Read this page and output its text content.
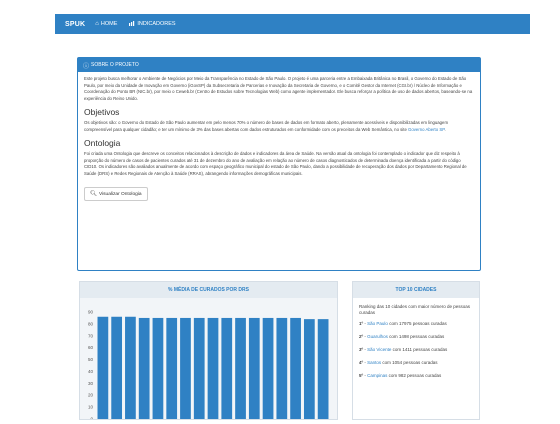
SPUK ⌂ HOME	INDICADORES
ⓘ SOBRE O PROJETO

Este projeto busca melhorar o Ambiente de Negócios por Meio da Transparência no Estado de São Paulo. O projeto é uma parceria entre a Embaixada Britânica no Brasil, o Governo do Estado de São Paulo, por meio da Unidade de Inovação em Governo (iGovSP) da Subsecretaria de Parcerias e Inovação da Secretaria de Governo, e o Comitê Gestor da Internet (CGI.br) / Núcleo de Informação e Coordenação do Ponto BR (NIC.br), por meio o Ceweb.br (Centro de Estudos sobre Tecnologias Web) como agente implementador. Ele busca reforçar a política de uso de dados abertos, baseando-se na experiência do Reino Unido.

Objetivos

Os objetivos são: o Governo do Estado de São Paulo aumentar em pelo menos 70% o número de bases de dados em formato aberto, plenamente acessíveis e disponibilizadas em linguagem compreensível para qualquer cidadão; e ter um mínimo de 3% das bases abertas com dados estruturados em conformidade com os preceitos da Web Semântica, no site Governo Aberto SP.

Ontologia

Foi criada uma Ontologia que descreve os conceitos relacionados à descrição de dados e indicadores da área de Saúde. Na versão atual da ontologia foi contemplado o indicador que diz respeito à proporção do número de casos de pacientes curados até 31 de dezembro do ano de avaliação em relação ao número de casos diagnosticados de determinada doença identificada a partir do código CID10. Os indicadores são avaliados anualmente de acordo com espaço geográfico municipal do estado de São Paulo, dando a possibilidade de recuperação dos dados por Departamento Regional de Saúde (DRS) e Redes Regionais de Atenção à Saúde (RRAS), abrangendo informações demográficas municipais.

🔍︎ Visualizar Ontologia
% MÉDIA DE CURADOS POR DRS
0
10
20
30
40
50
60
70
80
90
TOP 10 CIDADES
Ranking das 10 cidades com maior número de pessoas curadas
1º - São Paulo com 17975 pessoas curadas
2º - Guarulhos com 1498 pessoas curadas
3º - São Vicente com 1411 pessoas curadas
4º - Santos com 1054 pessoas curadas
5º - Campinas com 982 pessoas curadas
